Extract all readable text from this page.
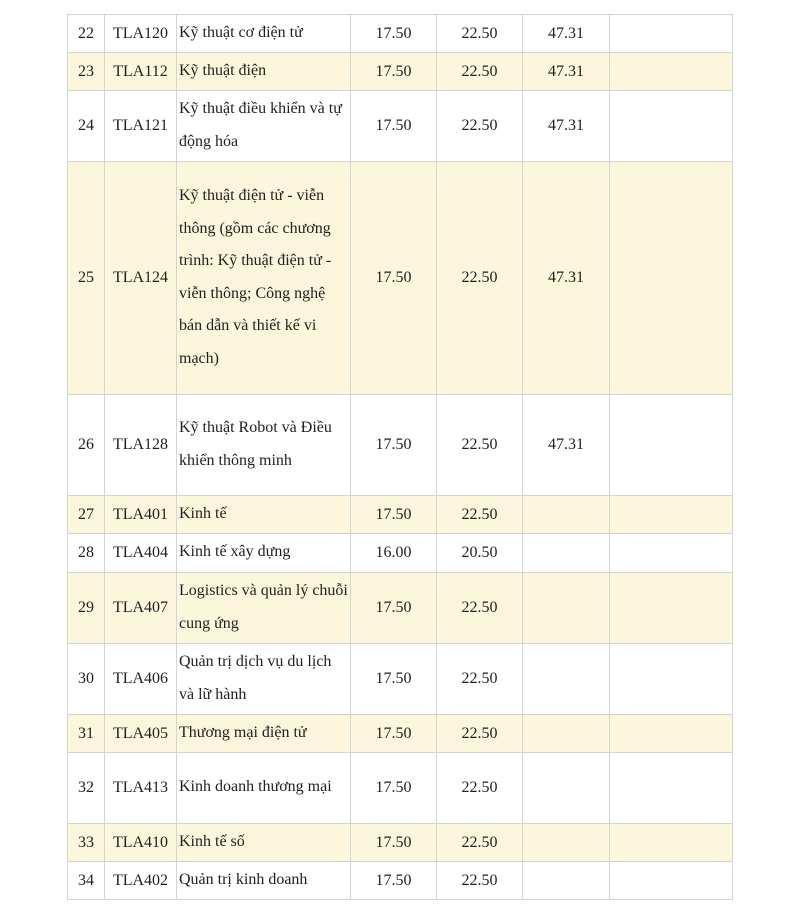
22	TLA120	Kỹ thuật cơ điện tử	17.50	22.50	47.31	
23	TLA112	Kỹ thuật điện	17.50	22.50	47.31	
24	TLA121	Kỹ thuật điều khiển và tự động hóa	17.50	22.50	47.31	
25	TLA124	Kỹ thuật điện tử - viễn thông (gồm các chương trình: Kỹ thuật điện tử - viễn thông; Công nghệ bán dẫn và thiết kế vi mạch)	17.50	22.50	47.31	
26	TLA128	Kỹ thuật Robot và Điều khiển thông minh	17.50	22.50	47.31	
27	TLA401	Kinh tế	17.50	22.50		
28	TLA404	Kinh tế xây dựng	16.00	20.50		
29	TLA407	Logistics và quản lý chuỗi cung ứng	17.50	22.50		
30	TLA406	Quản trị dịch vụ du lịch và lữ hành	17.50	22.50		
31	TLA405	Thương mại điện tử	17.50	22.50		
32	TLA413	Kinh doanh thương mại	17.50	22.50		
33	TLA410	Kinh tế số	17.50	22.50		
34	TLA402	Quản trị kinh doanh	17.50	22.50		
